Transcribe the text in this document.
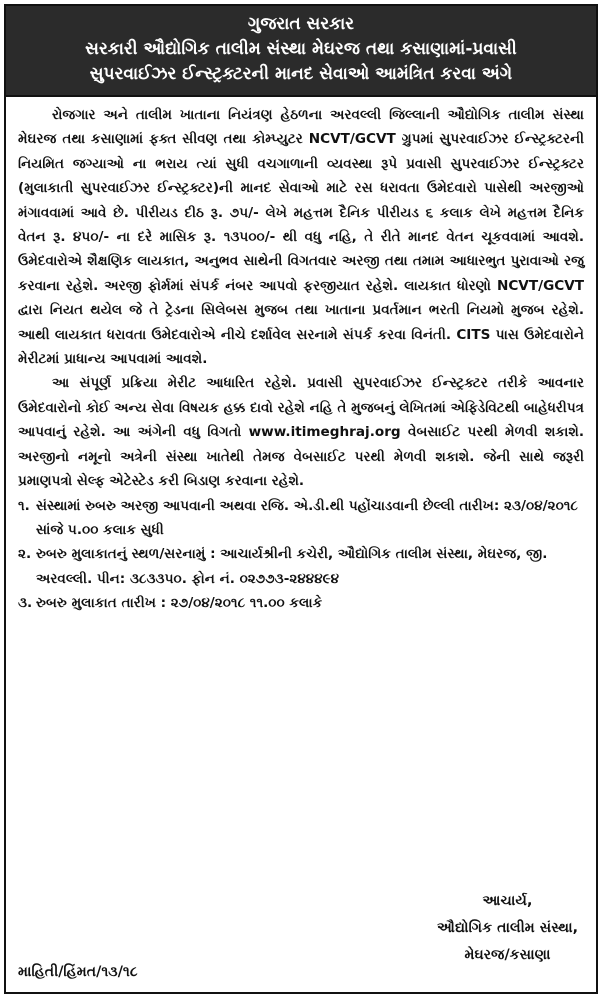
ગુજરાત સરકાર
સરકારી ઔદ્યોગિક તાલીમ સંસ્થા મેઘરજ તથા કસાણામાં-પ્રવાસી
સુપરવાઈઝર ઈન્સ્ટ્રક્ટરની માનદ સેવાઓ આમંત્રિત કરવા અંગે

રોજગાર અને તાલીમ ખાતાના નિયંત્રણ હેઠળના અરવલ્લી જિલ્લાની ઔદ્યોગિક તાલીમ સંસ્થા મેઘરજ તથા કસાણામાં ફક્ત સીવણ તથા કોમ્પ્યુટર NCVT/GCVT ગ્રુપમાં સુપરવાઈઝર ઈન્સ્ટ્રક્ટરની નિયમિત જગ્યાઓ ના ભરાય ત્યાં સુધી વચગાળાની વ્યવસ્થા રૂપે પ્રવાસી સુપરવાઈઝર ઈન્સ્ટ્રક્ટર (મુલાકાતી સુપરવાઈઝર ઈન્સ્ટ્રક્ટર)ની માનદ સેવાઓ માટે રસ ધરાવતા ઉમેદવારો પાસેથી અરજીઓ મંગાવવામાં આવે છે. પીરીયડ દીઠ રૂ. ૭૫/- લેખે મહત્તમ દૈનિક પીરીયડ ૬ કલાક લેખે મહત્તમ દૈનિક વેતન રૂ. ૪૫૦/- ના દરે માસિક રૂ. ૧૩૫૦૦/- થી વધુ નહિ, તે રીતે માનદ વેતન ચૂકવવામાં આવશે. ઉમેદવારોએ શૈક્ષણિક લાયકાત, અનુભવ સાથેની વિગતવાર અરજી તથા તમામ આધારભુત પુરાવાઓ રજુ કરવાના રહેશે. અરજી ફોર્મમાં સંપર્ક નંબર આપવો ફરજીયાત રહેશે. લાયકાત ધોરણો NCVT/GCVT દ્વારા નિયત થયેલ જે તે ટ્રેડના સિલેબસ મુજબ તથા ખાતાના પ્રવર્તમાન ભરતી નિયમો મુજબ રહેશે. આથી લાયકાત ધરાવતા ઉમેદવારોએ નીચે દર્શાવેલ સરનામે સંપર્ક કરવા વિનંતી. CITS પાસ ઉમેદવારોને મેરીટમાં પ્રાધાન્ય આપવામાં આવશે.

આ સંપૂર્ણ પ્રક્રિયા મેરીટ આધારિત રહેશે. પ્રવાસી સુપરવાઈઝર ઈન્સ્ટ્રક્ટર તરીકે આવનાર ઉમેદવારોનો કોઈ અન્ય સેવા વિષયક હક્ક દાવો રહેશે નહિ તે મુજબનું લેખિતમાં એફિડેવિટથી બાહેધરીપત્ર આપવાનું રહેશે. આ અંગેની વધુ વિગતો www.itimeghraj.org વેબસાઈટ પરથી મેળવી શકાશે. અરજીનો નમૂનો અત્રેની સંસ્થા ખાતેથી તેમજ વેબસાઈટ પરથી મેળવી શકાશે. જેની સાથે જરૂરી પ્રમાણપત્રો સેલ્ફ એટેસ્ટેડ કરી બિડાણ કરવાના રહેશે.

૧. સંસ્થામાં રુબરુ અરજી આપવાની અથવા રજિ. એ.ડી.થી પહોંચાડવાની છેલ્લી તારીખ: ૨૩/૦૪/૨૦૧૮ સાંજે ૫.૦૦ કલાક સુધી
૨. રુબરુ મુલાકાતનું સ્થળ/સરનામું : આચાર્યશ્રીની કચેરી, ઔદ્યોગિક તાલીમ સંસ્થા, મેઘરજ, જી. અરવલ્લી. પીન: ૩૮૩૩૫૦. ફોન નં. ૦૨૭૭૩-૨૪૪૪૯૪
૩. રુબરુ મુલાકાત તારીખ : ૨૭/૦૪/૨૦૧૮ ૧૧.૦૦ કલાકે
આચાર્ય,
ઔદ્યોગિક તાલીમ સંસ્થા,
મેઘરજ/કસાણા
માહિતી/હિંમત/૧૩/૧૮
